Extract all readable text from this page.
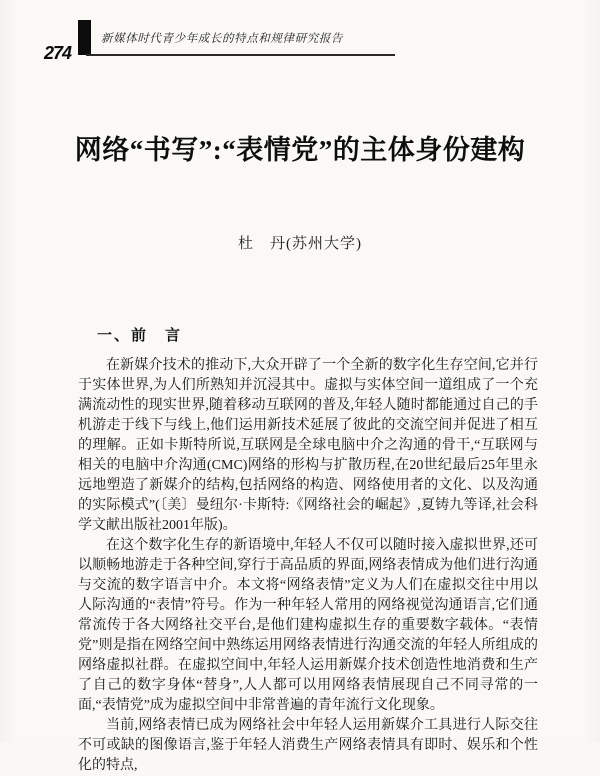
274
新媒体时代青少年成长的特点和规律研究报告
网络“书写”:“表情党”的主体身份建构
杜　丹(苏州大学)
一、前　言

在新媒介技术的推动下,大众开辟了一个全新的数字化生存空间,它并行于实体世界,为人们所熟知并沉浸其中。虚拟与实体空间一道组成了一个充满流动性的现实世界,随着移动互联网的普及,年轻人随时都能通过自己的手机游走于线下与线上,他们运用新技术延展了彼此的交流空间并促进了相互的理解。正如卡斯特所说,互联网是全球电脑中介之沟通的骨干,“互联网与相关的电脑中介沟通(CMC)网络的形构与扩散历程,在20世纪最后25年里永远地塑造了新媒介的结构,包括网络的构造、网络使用者的文化、以及沟通的实际模式”(〔美〕曼纽尔·卡斯特:《网络社会的崛起》,夏铸九等译,社会科学文献出版社2001年版)。

在这个数字化生存的新语境中,年轻人不仅可以随时接入虚拟世界,还可以顺畅地游走于各种空间,穿行于高品质的界面,网络表情成为他们进行沟通与交流的数字语言中介。本文将“网络表情”定义为人们在虚拟交往中用以人际沟通的“表情”符号。作为一种年轻人常用的网络视觉沟通语言,它们通常流传于各大网络社交平台,是他们建构虚拟生存的重要数字载体。“表情党”则是指在网络空间中熟练运用网络表情进行沟通交流的年轻人所组成的网络虚拟社群。在虚拟空间中,年轻人运用新媒介技术创造性地消费和生产了自己的数字身体“替身”,人人都可以用网络表情展现自己不同寻常的一面,“表情党”成为虚拟空间中非常普遍的青年流行文化现象。

当前,网络表情已成为网络社会中年轻人运用新媒介工具进行人际交往不可或缺的图像语言,鉴于年轻人消费生产网络表情具有即时、娱乐和个性化的特点,
